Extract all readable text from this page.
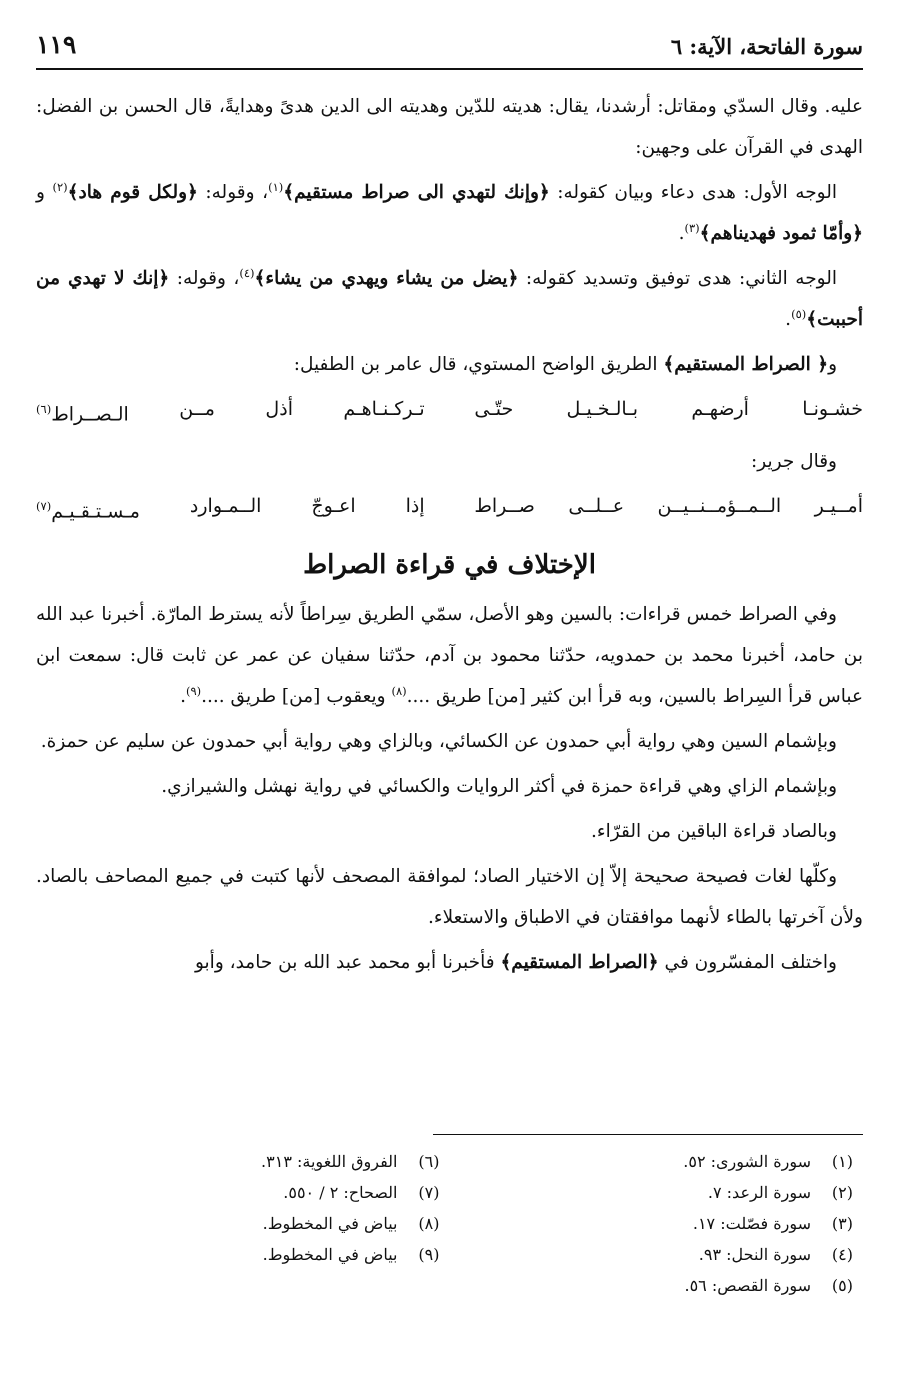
سورة الفاتحة، الآية: ٦
١١٩

عليه. وقال السدّي ومقاتل: أرشدنا، يقال: هديته للدّين وهديته الى الدين هدىً وهدايةً، قال الحسن بن الفضل: الهدى في القرآن على وجهين:

الوجه الأول: هدى دعاء وبيان كقوله: ﴿وإنك لتهدي الى صراط مستقيم﴾$^{(١)}$، وقوله: ﴿ولكل قوم هاد﴾$^{(٢)}$ و ﴿وأمّا ثمود فهديناهم﴾$^{(٣)}$.

الوجه الثاني: هدى توفيق وتسديد كقوله: ﴿يضل من يشاء ويهدي من يشاء﴾$^{(٤)}$، وقوله: ﴿إنك لا تهدي من أحببت﴾$^{(٥)}$.

و﴿ الصراط المستقيم﴾ الطريق الواضح المستوي، قال عامر بن الطفيل:

خشـونـا
أرضهـم
بـالـخـيـل
حتّـى
تـركـنـاهـم
أذل
مــن
الـصــراط$^{(٦)}$

وقال جرير:

أمــيـر
الــمــؤمــنــيــن
عــلــى
صــراط
إذا
اعـوجّ
الــمـوارد
مـسـتـقـيـم$^{(٧)}$
الإختلاف في قراءة الصراط

وفي الصراط خمس قراءات: بالسين وهو الأصل، سمّي الطريق سِراطاً لأنه يسترط المارّة. أخبرنا عبد الله بن حامد، أخبرنا محمد بن حمدويه، حدّثنا محمود بن آدم، حدّثنا سفيان عن عمر عن ثابت قال: سمعت ابن عباس قرأ السِراط بالسين، وبه قرأ ابن كثير [من] طريق ....$^{(٨)}$ ويعقوب [من] طريق ....$^{(٩)}$.

وبإشمام السين وهي رواية أبي حمدون عن الكسائي، وبالزاي وهي رواية أبي حمدون عن سليم عن حمزة.

وبإشمام الزاي وهي قراءة حمزة في أكثر الروايات والكسائي في رواية نهشل والشيرازي.

وبالصاد قراءة الباقين من القرّاء.

وكلّها لغات فصيحة صحيحة إلاّ إن الاختيار الصاد؛ لموافقة المصحف لأنها كتبت في جميع المصاحف بالصاد. ولأن آخرتها بالطاء لأنهما موافقتان في الاطباق والاستعلاء.

واختلف المفسّرون في ﴿الصراط المستقيم﴾ فأخبرنا أبو محمد عبد الله بن حامد، وأبو

(١)سورة الشورى: ٥٢.
(٢)سورة الرعد: ٧.
(٣)سورة فصّلت: ١٧.
(٤)سورة النحل: ٩٣.
(٥)سورة القصص: ٥٦.
(٦)الفروق اللغوية: ٣١٣.
(٧)الصحاح: ٢ / ٥٥٠.
(٨)بياض في المخطوط.
(٩)بياض في المخطوط.
